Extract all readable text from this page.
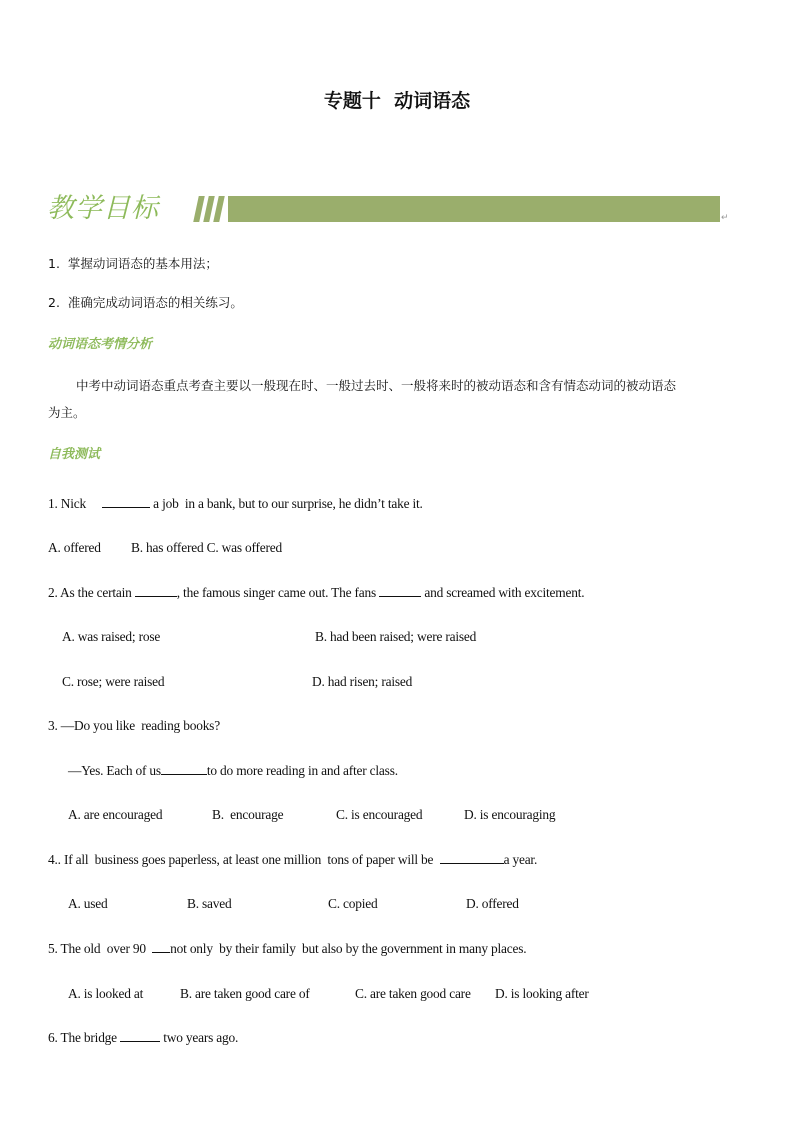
专题十  动词语态
教学目标	↵
1.  掌握动词语态的基本用法；
2.  准确完成动词语态的相关练习。
动词语态考情分析
中考中动词语态重点考查主要以一般现在时、一般过去时、一般将来时的被动语态和含有情态动词的被动语态
为主。
自我测试
1. Nick	a job  in a bank, but to our surprise, he didn’t take it.
A. offered B. has offered C. was offered
2. As the certain	, the famous singer came out. The fans	and screamed with excitement.
A. was raised; rose	B. had been raised; were raised
C. rose; were raised	D. had risen; raised
3. —Do you like  reading books?
—Yes. Each of us	to do more reading in and after class.
A. are encouraged	B.  encourage	C. is encouraged	D. is encouraging
4.. If all  business goes paperless, at least one million  tons of paper will be	a year.
A. used	B. saved	C. copied	D. offered
5. The old  over 90  not only  by their family  but also by the government in many places.
A. is looked at	B. are taken good care of	C. are taken good care D. is looking after
6. The bridge	two years ago.
